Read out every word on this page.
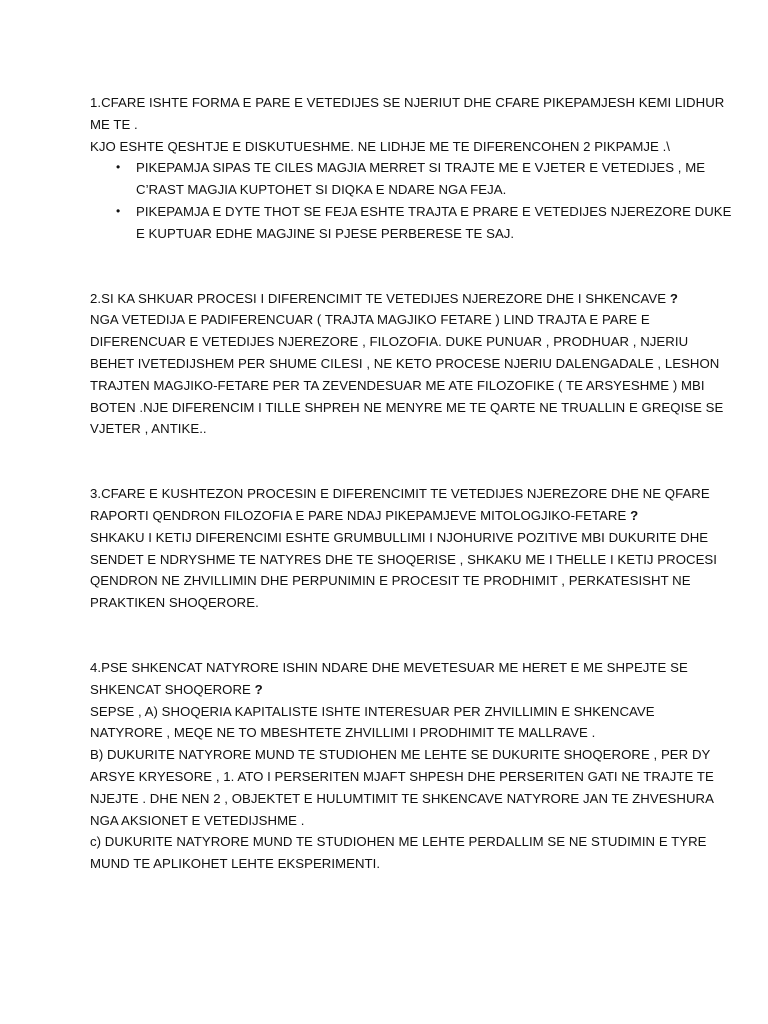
1.CFARE ISHTE FORMA E PARE E VETEDIJES SE NJERIUT DHE CFARE PIKEPAMJESH KEMI LIDHUR
ME TE .
KJO ESHTE QESHTJE E DISKUTUESHME. NE LIDHJE ME TE DIFERENCOHEN 2 PIKPAMJE .\
• PIKEPAMJA SIPAS TE CILES MAGJIA MERRET SI TRAJTE ME E VJETER E VETEDIJES , ME
C’RAST MAGJIA KUPTOHET SI DIQKA E NDARE NGA FEJA.
• PIKEPAMJA E DYTE THOT SE FEJA ESHTE TRAJTA E PRARE E VETEDIJES NJEREZORE DUKE
E KUPTUAR EDHE MAGJINE SI PJESE PERBERESE TE SAJ.
2.SI KA SHKUAR PROCESI I DIFERENCIMIT TE VETEDIJES NJEREZORE DHE I SHKENCAVE ?
NGA VETEDIJA E PADIFERENCUAR ( TRAJTA MAGJIKO FETARE ) LIND TRAJTA E PARE E
DIFERENCUAR E VETEDIJES NJEREZORE , FILOZOFIA. DUKE PUNUAR , PRODHUAR , NJERIU
BEHET IVETEDIJSHEM PER SHUME CILESI , NE KETO PROCESE NJERIU DALENGADALE , LESHON
TRAJTEN MAGJIKO-FETARE PER TA ZEVENDESUAR ME ATE FILOZOFIKE ( TE ARSYESHME ) MBI
BOTEN .NJE DIFERENCIM I TILLE SHPREH NE MENYRE ME TE QARTE NE TRUALLIN E GREQISE SE
VJETER , ANTIKE..
3.CFARE E KUSHTEZON PROCESIN E DIFERENCIMIT TE VETEDIJES NJEREZORE DHE NE QFARE
RAPORTI QENDRON FILOZOFIA E PARE NDAJ PIKEPAMJEVE MITOLOGJIKO-FETARE ?
SHKAKU I KETIJ DIFERENCIMI ESHTE GRUMBULLIMI I NJOHURIVE POZITIVE MBI DUKURITE DHE
SENDET E NDRYSHME TE NATYRES DHE TE SHOQERISE , SHKAKU ME I THELLE I KETIJ PROCESI
QENDRON NE ZHVILLIMIN DHE PERPUNIMIN E PROCESIT TE PRODHIMIT , PERKATESISHT NE
PRAKTIKEN SHOQERORE.
4.PSE SHKENCAT NATYRORE ISHIN NDARE DHE MEVETESUAR ME HERET E ME SHPEJTE SE
SHKENCAT SHOQERORE ?
SEPSE , A) SHOQERIA KAPITALISTE ISHTE INTERESUAR PER ZHVILLIMIN E SHKENCAVE
NATYRORE , MEQE NE TO MBESHTETE ZHVILLIMI I PRODHIMIT TE MALLRAVE .
B) DUKURITE NATYRORE MUND TE STUDIOHEN ME LEHTE SE DUKURITE SHOQERORE , PER DY
ARSYE KRYESORE , 1. ATO I PERSERITEN MJAFT SHPESH DHE PERSERITEN GATI NE TRAJTE TE
NJEJTE . DHE NEN 2 , OBJEKTET E HULUMTIMIT TE SHKENCAVE NATYRORE JAN TE ZHVESHURA
NGA AKSIONET E VETEDIJSHME .
c) DUKURITE NATYRORE MUND TE STUDIOHEN ME LEHTE PERDALLIM SE NE STUDIMIN E TYRE
MUND TE APLIKOHET LEHTE EKSPERIMENTI.
